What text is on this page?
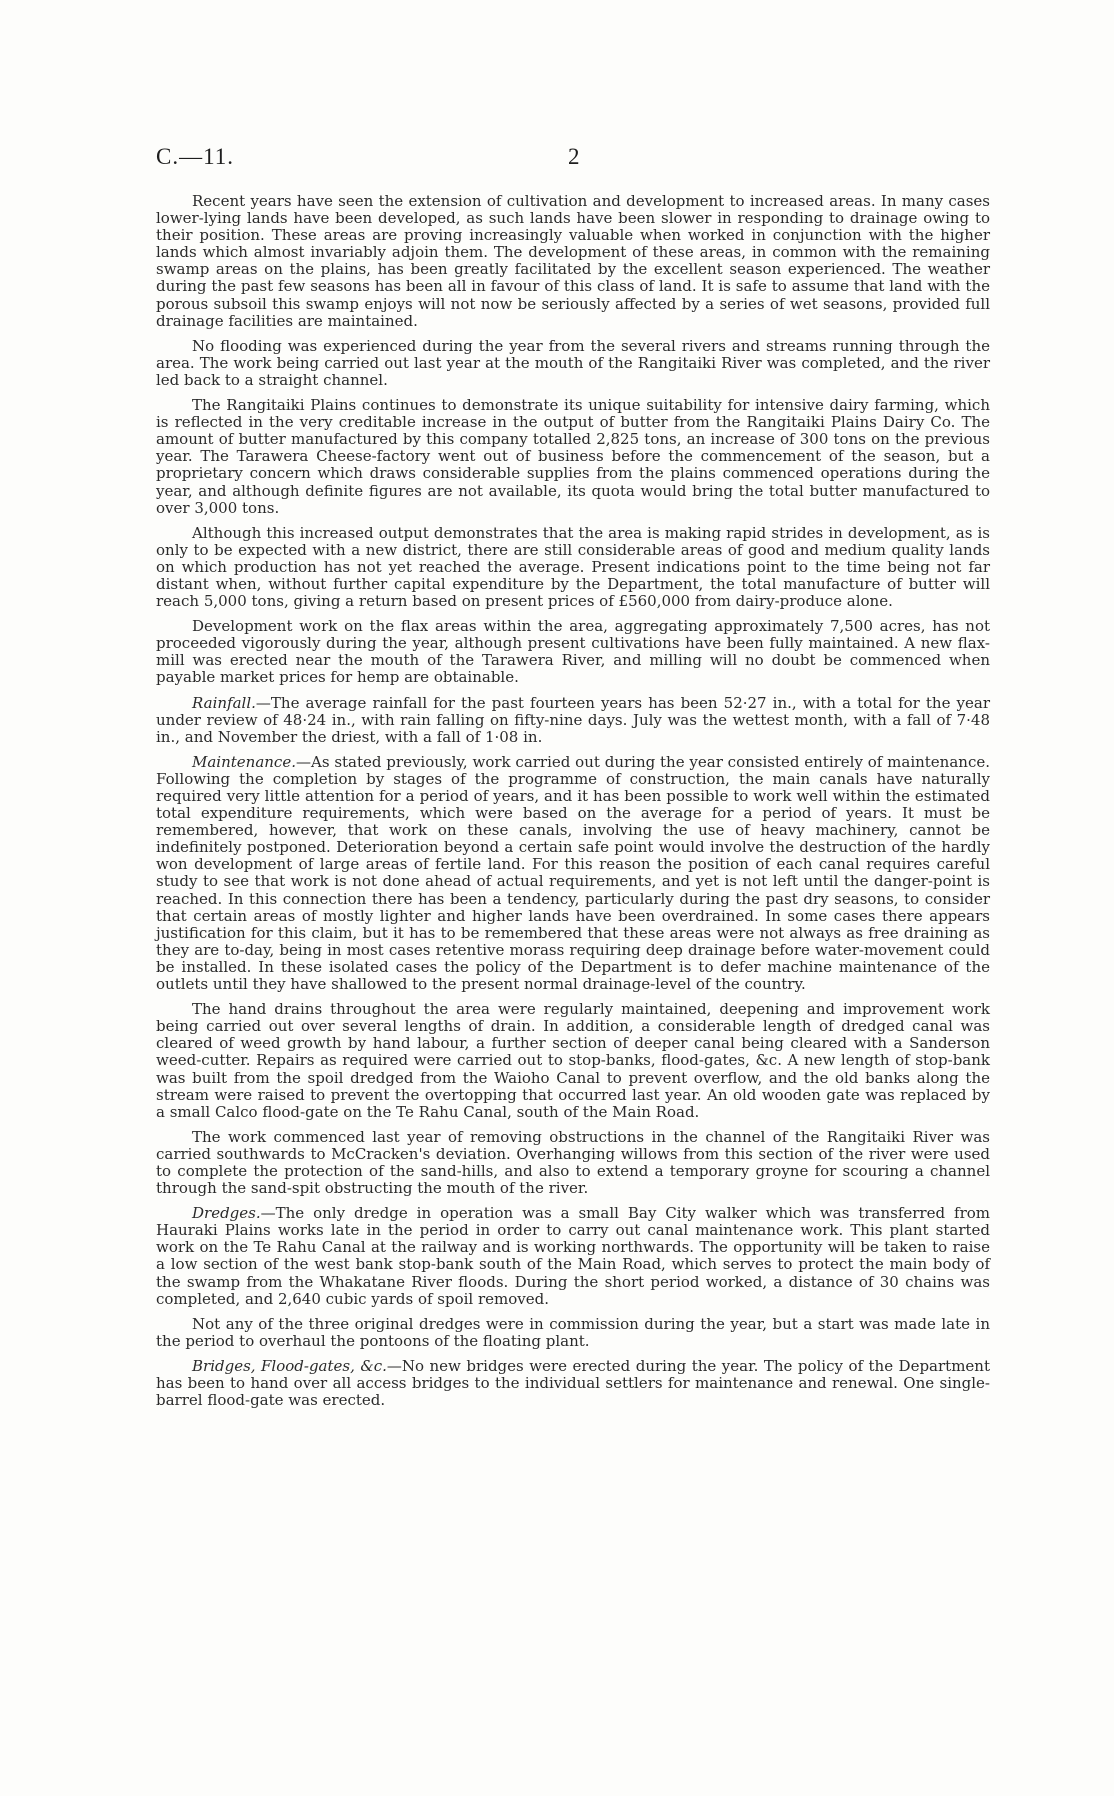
C.—11.	2

Recent years have seen the extension of cultivation and development to increased areas. In many cases lower-lying lands have been developed, as such lands have been slower in responding to drainage owing to their position. These areas are proving increasingly valuable when worked in conjunction with the higher lands which almost invariably adjoin them. The development of these areas, in common with the remaining swamp areas on the plains, has been greatly facilitated by the excellent season experienced. The weather during the past few seasons has been all in favour of this class of land. It is safe to assume that land with the porous subsoil this swamp enjoys will not now be seriously affected by a series of wet seasons, provided full drainage facilities are maintained.

No flooding was experienced during the year from the several rivers and streams running through the area. The work being carried out last year at the mouth of the Rangitaiki River was completed, and the river led back to a straight channel.

The Rangitaiki Plains continues to demonstrate its unique suitability for intensive dairy farming, which is reflected in the very creditable increase in the output of butter from the Rangitaiki Plains Dairy Co. The amount of butter manufactured by this company totalled 2,825 tons, an increase of 300 tons on the previous year. The Tarawera Cheese-factory went out of business before the commencement of the season, but a proprietary concern which draws considerable supplies from the plains commenced operations during the year, and although definite figures are not available, its quota would bring the total butter manufactured to over 3,000 tons.

Although this increased output demonstrates that the area is making rapid strides in development, as is only to be expected with a new district, there are still considerable areas of good and medium quality lands on which production has not yet reached the average. Present indications point to the time being not far distant when, without further capital expenditure by the Department, the total manufacture of butter will reach 5,000 tons, giving a return based on present prices of £560,000 from dairy-produce alone.

Development work on the flax areas within the area, aggregating approximately 7,500 acres, has not proceeded vigorously during the year, although present cultivations have been fully maintained. A new flax-mill was erected near the mouth of the Tarawera River, and milling will no doubt be commenced when payable market prices for hemp are obtainable.

Rainfall.—The average rainfall for the past fourteen years has been 52·27 in., with a total for the year under review of 48·24 in., with rain falling on fifty-nine days. July was the wettest month, with a fall of 7·48 in., and November the driest, with a fall of 1·08 in.

Maintenance.—As stated previously, work carried out during the year consisted entirely of maintenance. Following the completion by stages of the programme of construction, the main canals have naturally required very little attention for a period of years, and it has been possible to work well within the estimated total expenditure requirements, which were based on the average for a period of years. It must be remembered, however, that work on these canals, involving the use of heavy machinery, cannot be indefinitely postponed. Deterioration beyond a certain safe point would involve the destruction of the hardly won development of large areas of fertile land. For this reason the position of each canal requires careful study to see that work is not done ahead of actual requirements, and yet is not left until the danger-point is reached. In this connection there has been a tendency, particularly during the past dry seasons, to consider that certain areas of mostly lighter and higher lands have been overdrained. In some cases there appears justification for this claim, but it has to be remembered that these areas were not always as free draining as they are to-day, being in most cases retentive morass requiring deep drainage before water-movement could be installed. In these isolated cases the policy of the Department is to defer machine maintenance of the outlets until they have shallowed to the present normal drainage-level of the country.

The hand drains throughout the area were regularly maintained, deepening and improvement work being carried out over several lengths of drain. In addition, a considerable length of dredged canal was cleared of weed growth by hand labour, a further section of deeper canal being cleared with a Sanderson weed-cutter. Repairs as required were carried out to stop-banks, flood-gates, &c. A new length of stop-bank was built from the spoil dredged from the Waioho Canal to prevent overflow, and the old banks along the stream were raised to prevent the overtopping that occurred last year. An old wooden gate was replaced by a small Calco flood-gate on the Te Rahu Canal, south of the Main Road.

The work commenced last year of removing obstructions in the channel of the Rangitaiki River was carried southwards to McCracken's deviation. Overhanging willows from this section of the river were used to complete the protection of the sand-hills, and also to extend a temporary groyne for scouring a channel through the sand-spit obstructing the mouth of the river.

Dredges.—The only dredge in operation was a small Bay City walker which was transferred from Hauraki Plains works late in the period in order to carry out canal maintenance work. This plant started work on the Te Rahu Canal at the railway and is working northwards. The opportunity will be taken to raise a low section of the west bank stop-bank south of the Main Road, which serves to protect the main body of the swamp from the Whakatane River floods. During the short period worked, a distance of 30 chains was completed, and 2,640 cubic yards of spoil removed.

Not any of the three original dredges were in commission during the year, but a start was made late in the period to overhaul the pontoons of the floating plant.

Bridges, Flood-gates, &c.—No new bridges were erected during the year. The policy of the Department has been to hand over all access bridges to the individual settlers for maintenance and renewal. One single-barrel flood-gate was erected.
